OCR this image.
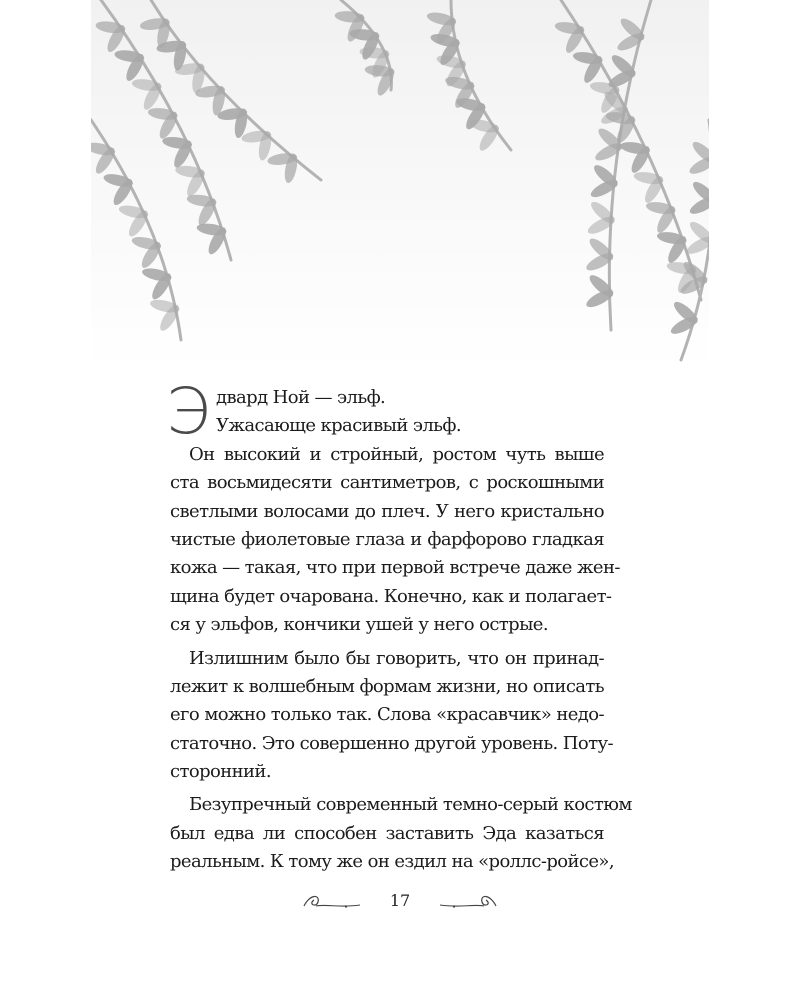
Э двард Ной — эльф.
Ужасающе красивый эльф.
Он высокий и стройный, ростом чуть выше
ста восьмидесяти сантиметров, с роскошными
светлыми волосами до плеч. У него кристально
чистые фиолетовые глаза и фарфорово гладкая
кожа — такая, что при первой встрече даже жен-
щина будет очарована. Конечно, как и полагает-
ся у эльфов, кончики ушей у него острые.
Излишним было бы говорить, что он принад-
лежит к волшебным формам жизни, но описать
его можно только так. Слова «красавчик» недо-
статочно. Это совершенно другой уровень. Поту-
сторонний.
Безупречный современный темно-серый костюм
был едва ли способен заставить Эда казаться
реальным. К тому же он ездил на «роллс-ройсе»,
17
